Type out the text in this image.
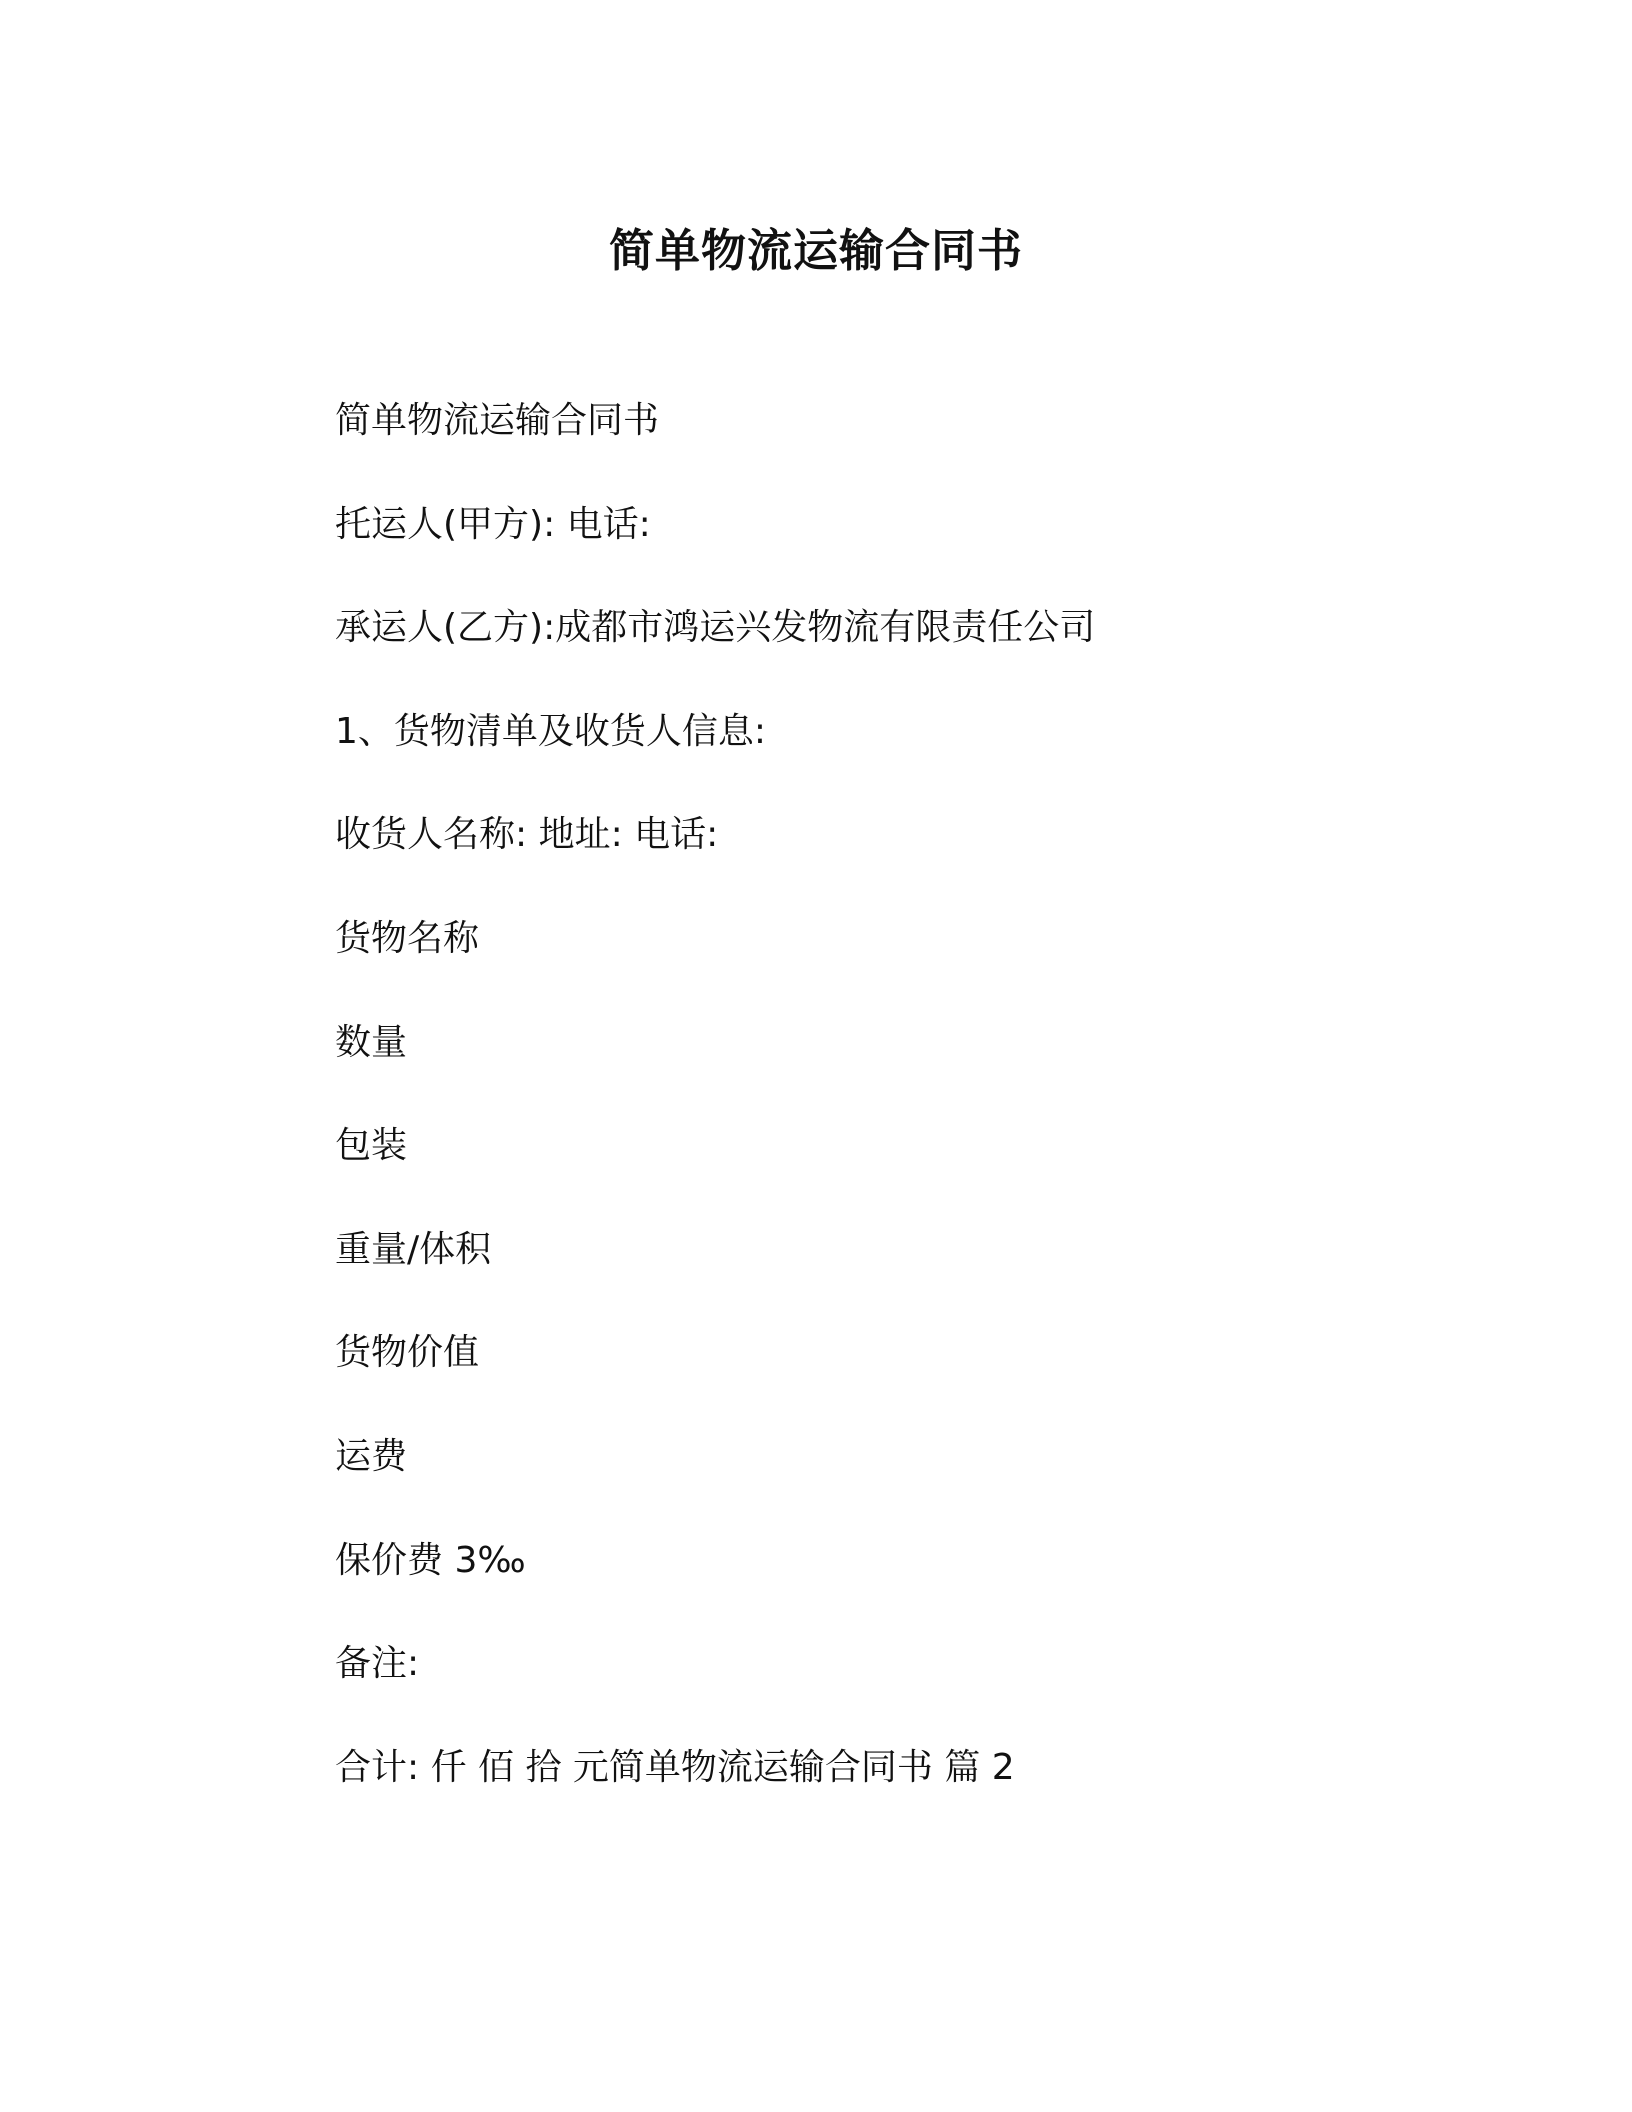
简单物流运输合同书
简单物流运输合同书
托运人(甲方): 电话:
承运人(乙方):成都市鸿运兴发物流有限责任公司
1、货物清单及收货人信息:
收货人名称: 地址: 电话:
货物名称
数量
包装
重量/体积
货物价值
运费
保价费 3‰
备注:
合计: 仟 佰 拾 元简单物流运输合同书 篇 2
